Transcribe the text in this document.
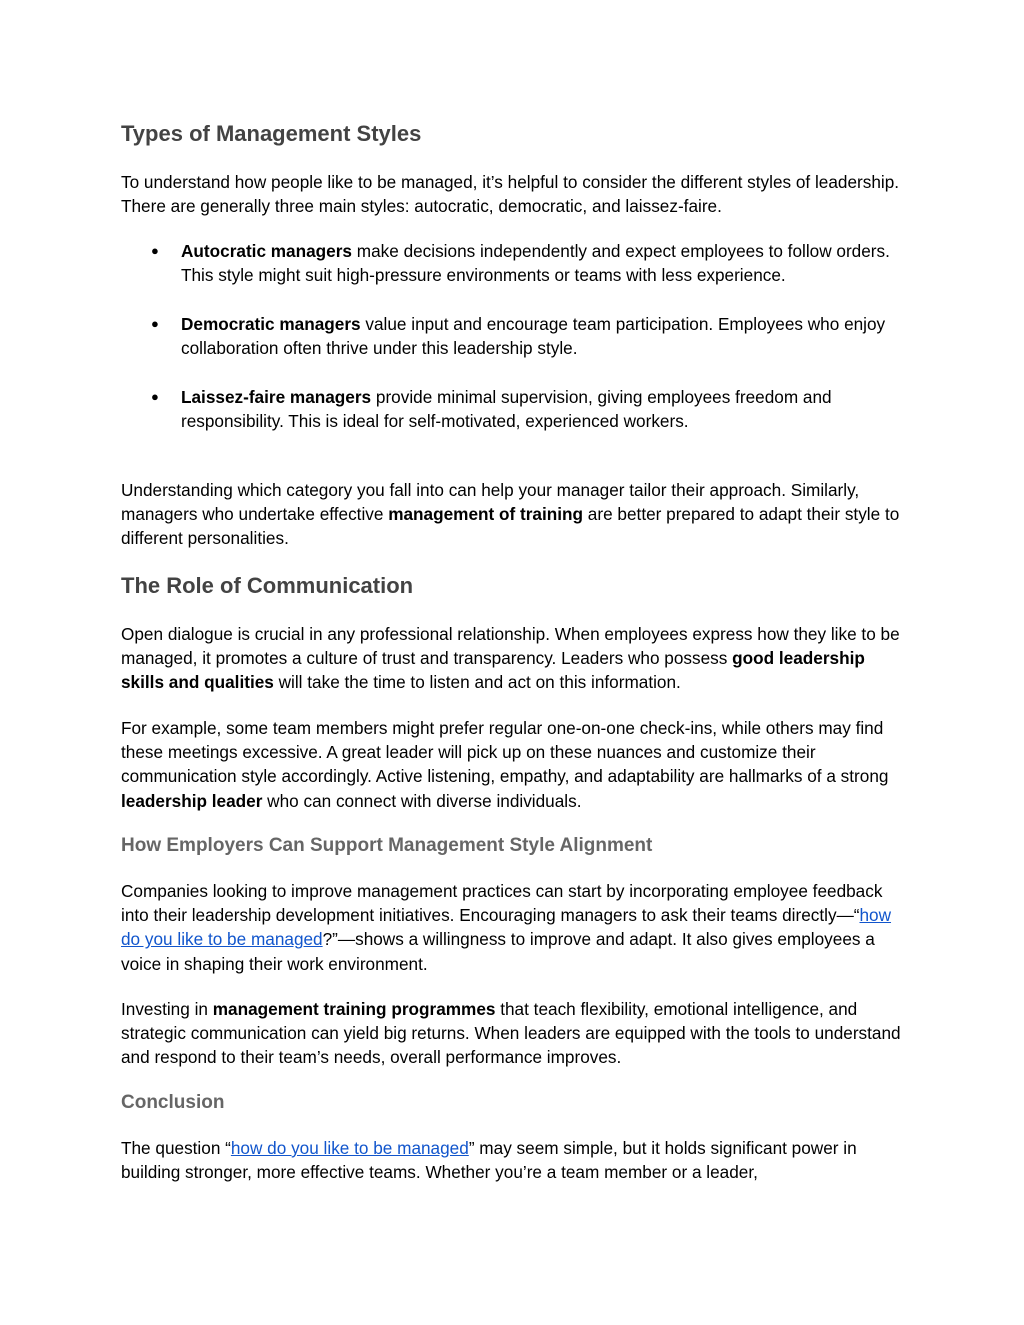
Types of Management Styles

To understand how people like to be managed, it’s helpful to consider the different styles of leadership. There are generally three main styles: autocratic, democratic, and laissez-faire.

● Autocratic managers make decisions independently and expect employees to follow orders. This style might suit high-pressure environments or teams with less experience.
● Democratic managers value input and encourage team participation. Employees who enjoy collaboration often thrive under this leadership style.
● Laissez-faire managers provide minimal supervision, giving employees freedom and responsibility. This is ideal for self-motivated, experienced workers.

Understanding which category you fall into can help your manager tailor their approach. Similarly, managers who undertake effective management of training are better prepared to adapt their style to different personalities.

The Role of Communication

Open dialogue is crucial in any professional relationship. When employees express how they like to be managed, it promotes a culture of trust and transparency. Leaders who possess good leadership skills and qualities will take the time to listen and act on this information.

For example, some team members might prefer regular one-on-one check-ins, while others may find these meetings excessive. A great leader will pick up on these nuances and customize their communication style accordingly. Active listening, empathy, and adaptability are hallmarks of a strong leadership leader who can connect with diverse individuals.

How Employers Can Support Management Style Alignment

Companies looking to improve management practices can start by incorporating employee feedback into their leadership development initiatives. Encouraging managers to ask their teams directly—“how do you like to be managed?”—shows a willingness to improve and adapt. It also gives employees a voice in shaping their work environment.

Investing in management training programmes that teach flexibility, emotional intelligence, and strategic communication can yield big returns. When leaders are equipped with the tools to understand and respond to their team’s needs, overall performance improves.

Conclusion

The question “how do you like to be managed” may seem simple, but it holds significant power in building stronger, more effective teams. Whether you’re a team member or a leader,
